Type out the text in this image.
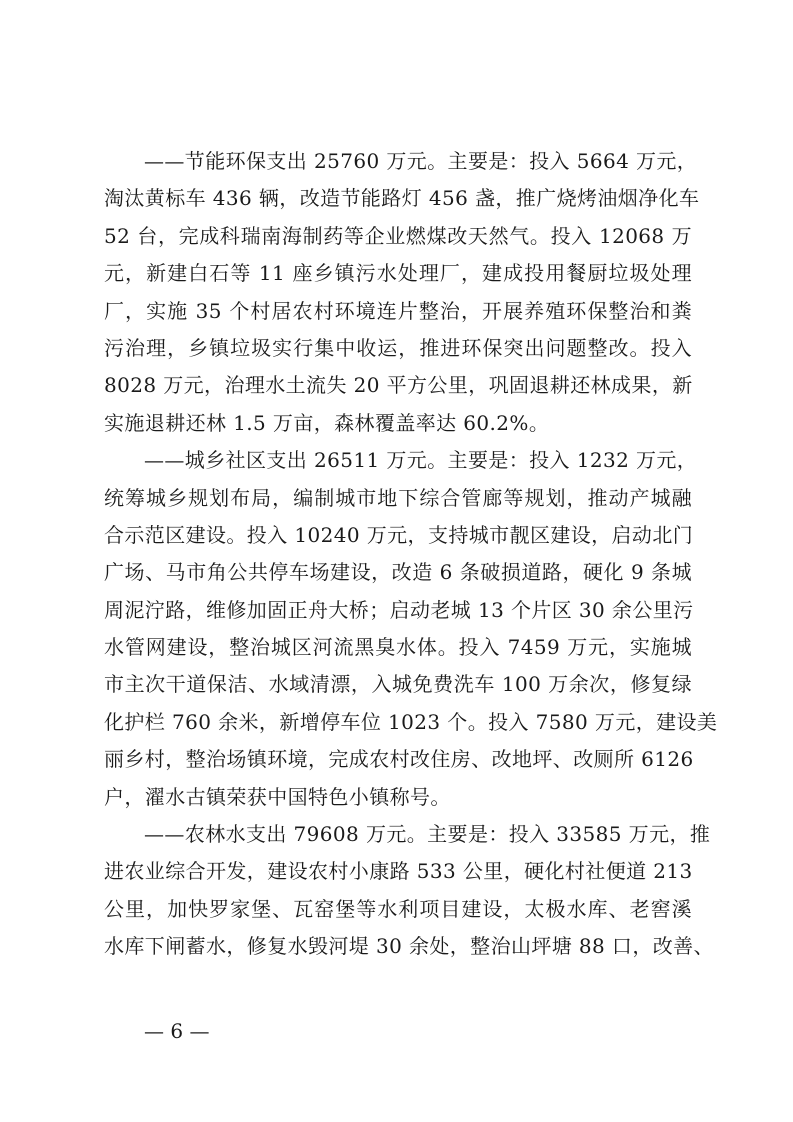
——节能环保支出 25760 万元。主要是：投入 5664 万元，
淘汰黄标车 436 辆，改造节能路灯 456 盏，推广烧烤油烟净化车
52 台，完成科瑞南海制药等企业燃煤改天然气。投入 12068 万
元，新建白石等 11 座乡镇污水处理厂，建成投用餐厨垃圾处理
厂，实施 35 个村居农村环境连片整治，开展养殖环保整治和粪
污治理，乡镇垃圾实行集中收运，推进环保突出问题整改。投入
8028 万元，治理水土流失 20 平方公里，巩固退耕还林成果，新
实施退耕还林 1.5 万亩，森林覆盖率达 60.2%。
——城乡社区支出 26511 万元。主要是：投入 1232 万元，
统筹城乡规划布局，编制城市地下综合管廊等规划，推动产城融
合示范区建设。投入 10240 万元，支持城市靓区建设，启动北门
广场、马市角公共停车场建设，改造 6 条破损道路，硬化 9 条城
周泥泞路，维修加固正舟大桥；启动老城 13 个片区 30 余公里污
水管网建设，整治城区河流黑臭水体。投入 7459 万元，实施城
市主次干道保洁、水域清漂，入城免费洗车 100 万余次，修复绿
化护栏 760 余米，新增停车位 1023 个。投入 7580 万元，建设美
丽乡村，整治场镇环境，完成农村改住房、改地坪、改厕所 6126
户，濯水古镇荣获中国特色小镇称号。
——农林水支出 79608 万元。主要是：投入 33585 万元，推
进农业综合开发，建设农村小康路 533 公里，硬化村社便道 213
公里，加快罗家堡、瓦窑堡等水利项目建设，太极水库、老窖溪
水库下闸蓄水，修复水毁河堤 30 余处，整治山坪塘 88 口，改善、
— 6 —
